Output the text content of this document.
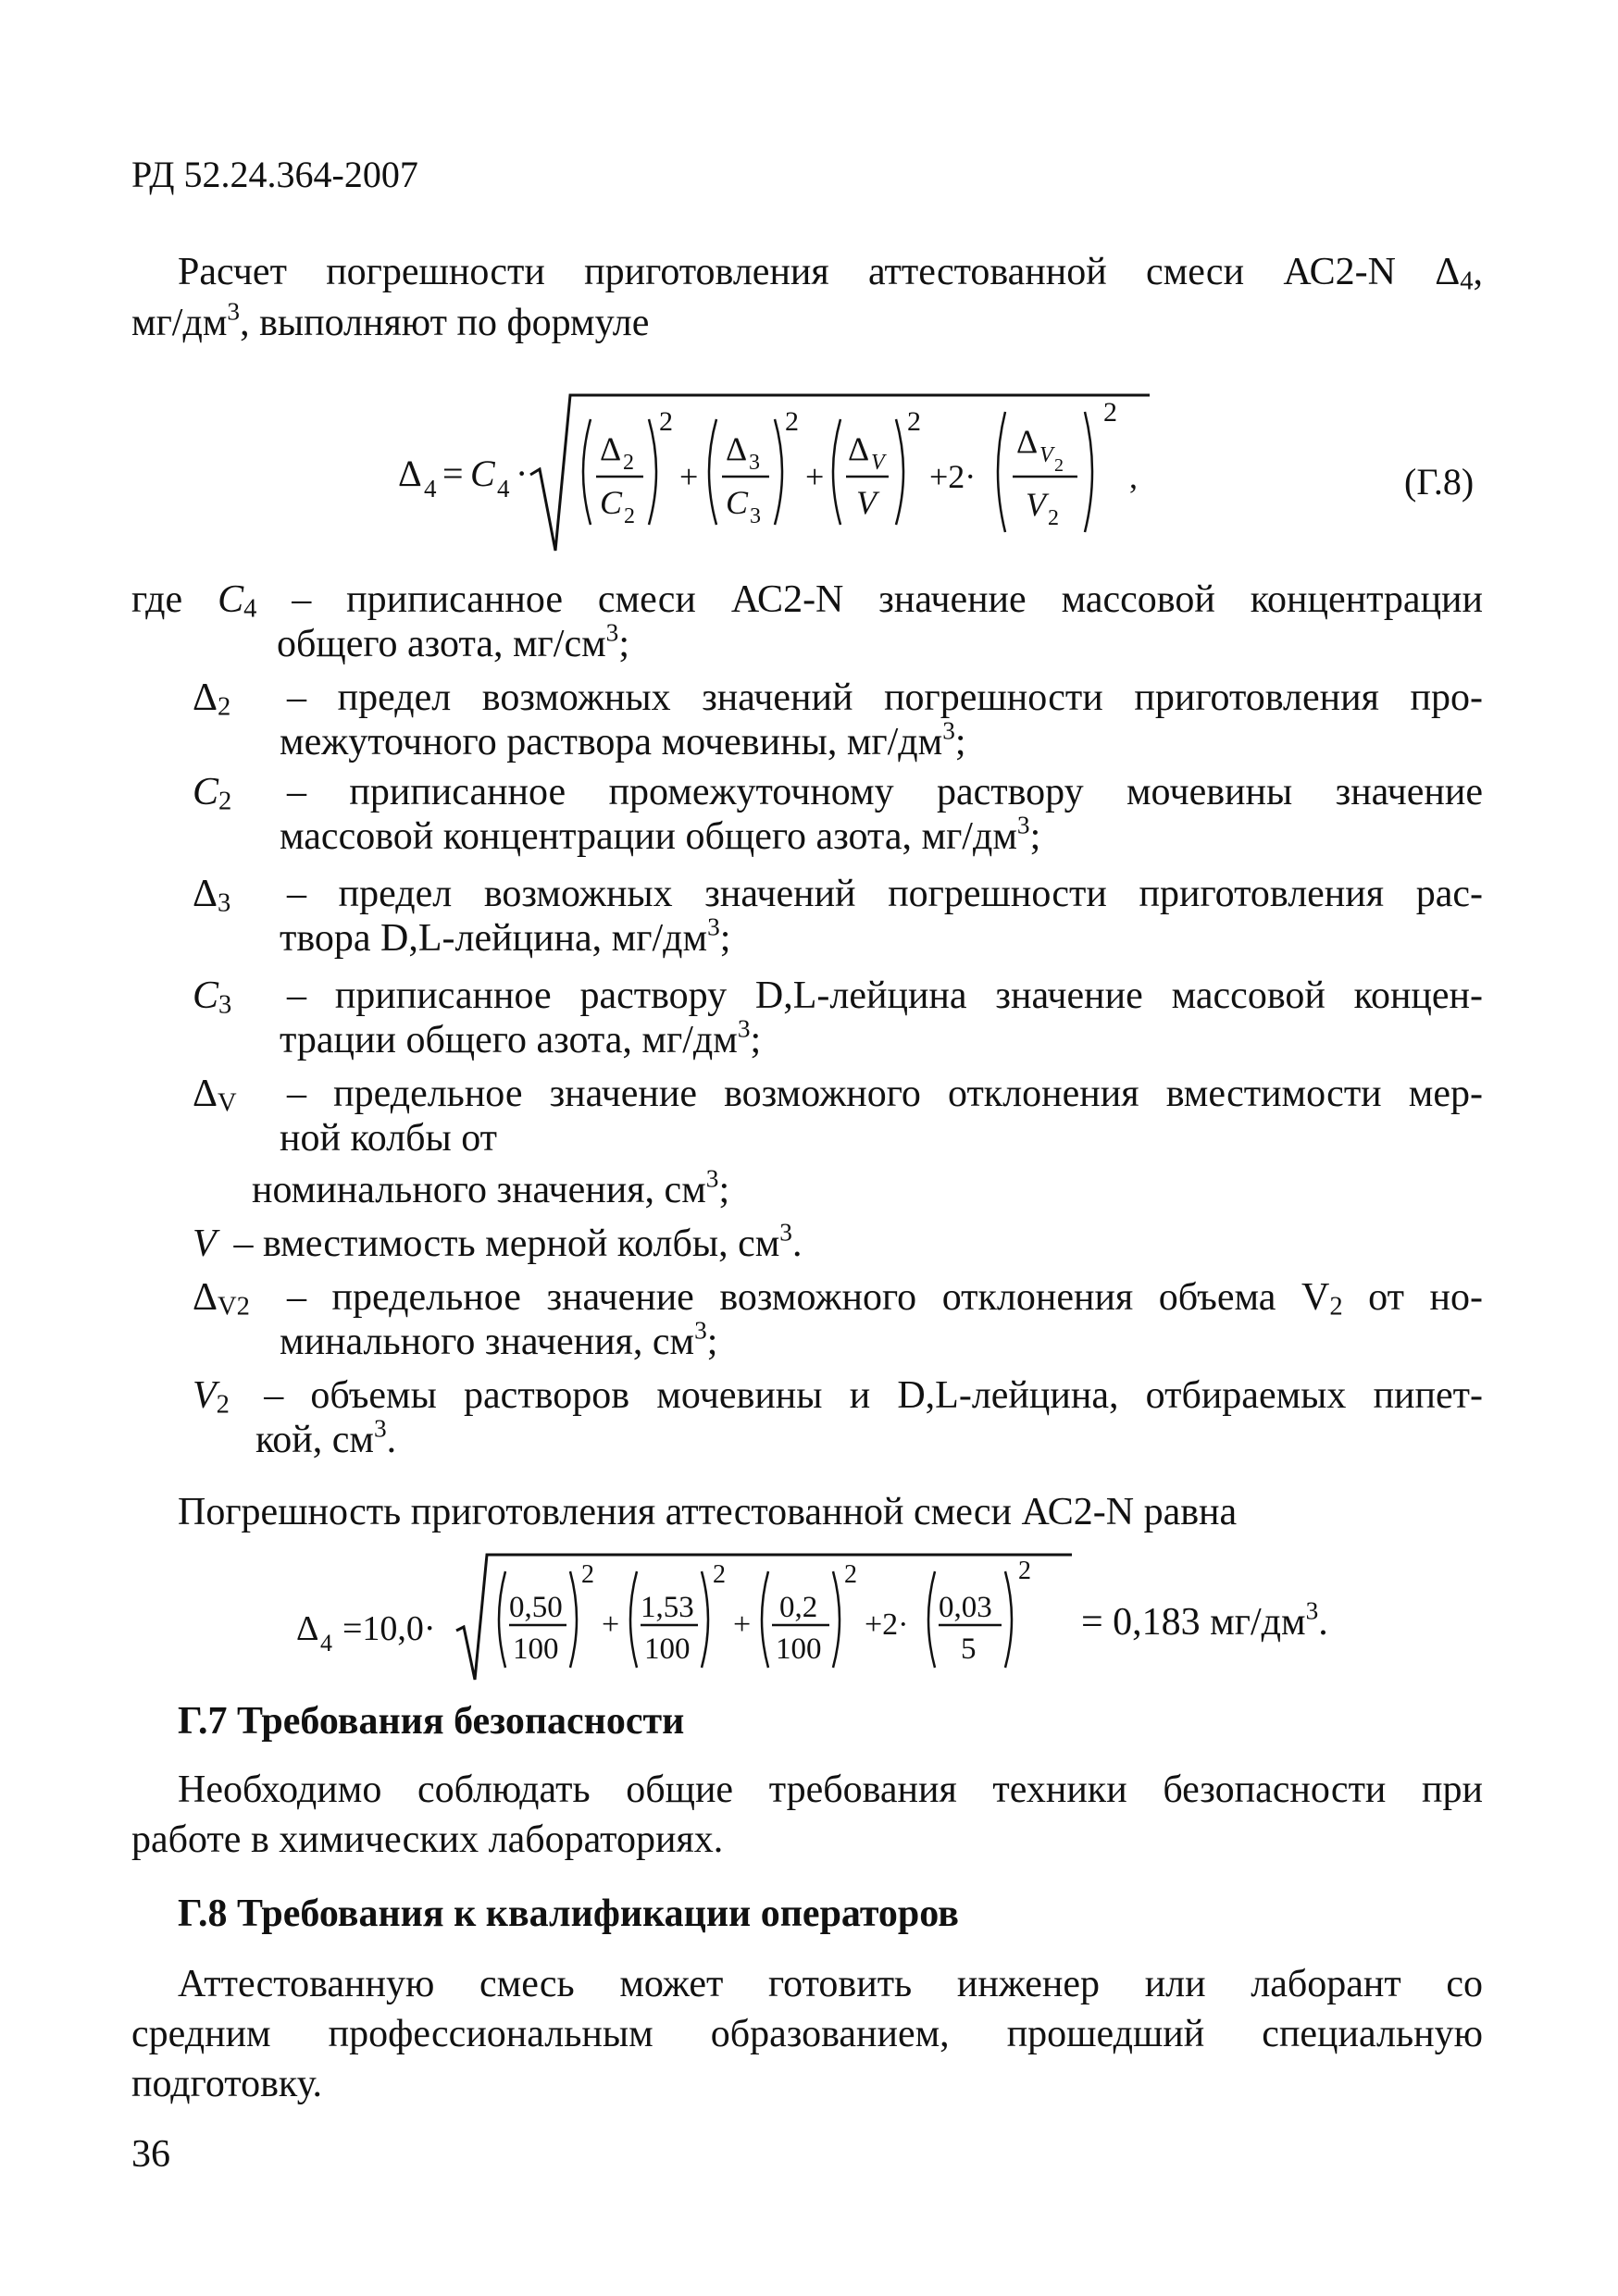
РД 52.24.364-2007
Расчет погрешности приготовления аттестованной смеси АС2-N $\Delta_4$,
$мг/дм^3$, выполняют по формуле
Δ 4 = C 4 ·
Δ 2
C 2
2
+
Δ 3
C 3
2
+
Δ V
V
2
+2·
Δ V 2
V 2
2
,	(Г.8)
где $C_4$ – приписанное смеси АС2-N значение массовой концентрации
общего азота, $мг/см^3$;
$\Delta_2$ – предел возможных значений погрешности приготовления про-
межуточного раствора мочевины, $мг/дм^3$;
$C_2$ – приписанное промежуточному раствору мочевины значение
массовой концентрации общего азота, $мг/дм^3$;
$\Delta_3$ – предел возможных значений погрешности приготовления рас-
твора D,L-лейцина, $мг/дм^3$;
$C_3$ – приписанное раствору D,L-лейцина значение массовой концен-
трации общего азота, $мг/дм^3$;
$\Delta_V$ – предельное значение возможного отклонения вместимости мер-
ной колбы от
номинального значения, $см^3$;
V – вместимость мерной колбы, $см^3$.
$\Delta_{V2}$ – предельное значение возможного отклонения объема $V_2$ от но-
минального значения, $см^3$;
$V_2$ – объемы растворов мочевины и D,L-лейцина, отбираемых пипет-
кой, $см^3$.
Погрешность приготовления аттестованной смеси АС2-N равна
Δ 4 =10,0·
0,50
100
2
+ 1,53
100
2
+ 0,2
100
2
+2· 0,03
5
2
= 0,183 $мг/дм^3$.
Г.7 Требования безопасности
Необходимо соблюдать общие требования техники безопасности при
работе в химических лабораториях.
Г.8 Требования к квалификации операторов
Аттестованную смесь может готовить инженер или лаборант со
средним профессиональным образованием, прошедший специальную
подготовку.
36
